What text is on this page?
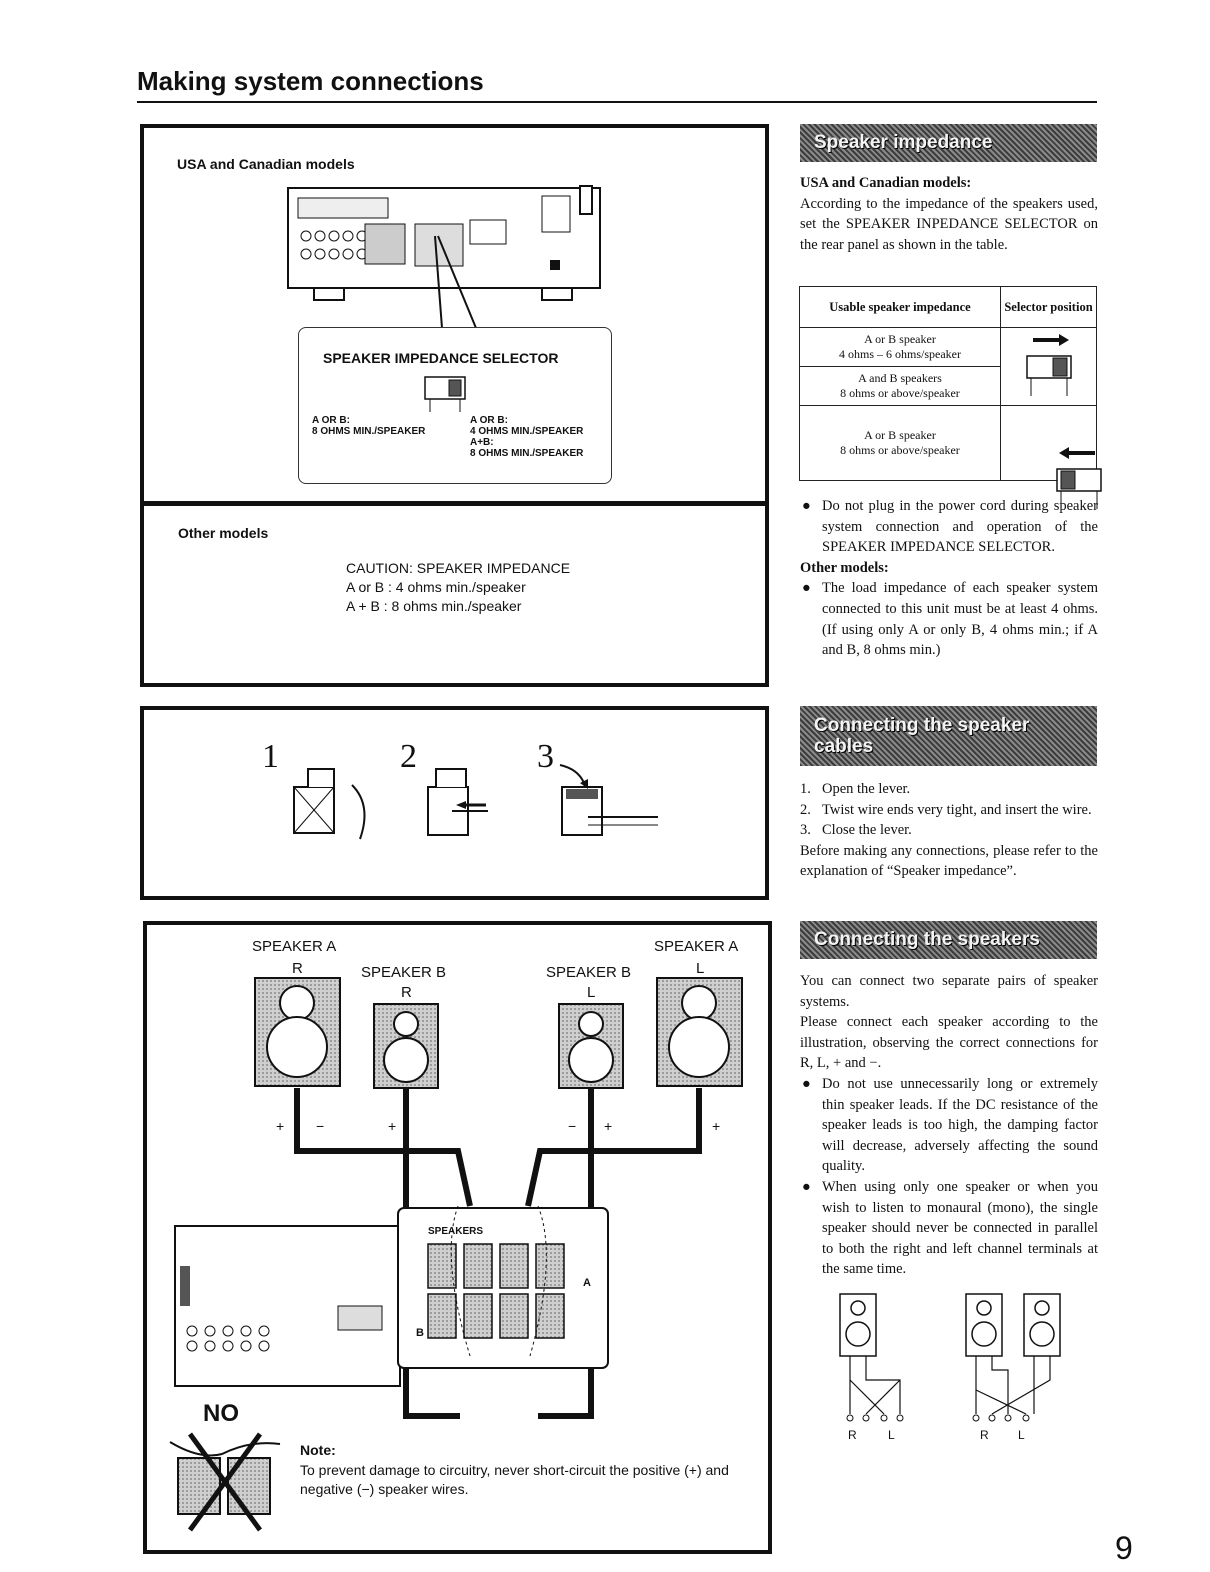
Making system connections
USA and Canadian models
SPEAKER IMPEDANCE SELECTOR
A OR B:
8 OHMS MIN./SPEAKER
A OR B:
4 OHMS MIN./SPEAKER
A+B:
8 OHMS MIN./SPEAKER
Other models
CAUTION: SPEAKER IMPEDANCE
A or B : 4 ohms min./speaker
A + B : 8 ohms min./speaker
1	2	3
SPEAKER A	SPEAKER A
SPEAKER B	SPEAKER B
R
R	L
L
SPEAKERS
A
B
+ −	+	− +	+
NO
Note:
To prevent damage to circuitry, never short-circuit the positive (+) and negative (−) speaker wires.
Speaker impedance

USA and Canadian models:

According to the impedance of the speakers used, set the SPEAKER INPEDANCE SELECTOR on the rear panel as shown in the table.

Usable speaker impedance	Selector position

A or B speaker
4 ohms – 6 ohms/speaker

A and B speakers
8 ohms or above/speaker	

A or B speaker
8 ohms or above/speaker

● Do not plug in the power cord during speaker system connection and operation of the SPEAKER IMPEDANCE SELECTOR.

Other models:

● The load impedance of each speaker system connected to this unit must be at least 4 ohms. (If using only A or only B, 4 ohms min.; if A and B, 8 ohms min.)

Connecting the speaker cables

1. Open the lever.

2. Twist wire ends very tight, and insert the wire.

3. Close the lever.

Before making any connections, please refer to the explanation of “Speaker impedance”.

Connecting the speakers

You can connect two separate pairs of speaker systems.

Please connect each speaker according to the illustration, observing the correct connections for R, L, + and −.

● Do not use unnecessarily long or extremely thin speaker leads. If the DC resistance of the speaker leads is too high, the damping factor will decrease, adversely affecting the sound quality.

● When using only one speaker or when you wish to listen to monaural (mono), the single speaker should never be connected in parallel to both the right and left channel terminals at the same time.

R	L	R L
9
